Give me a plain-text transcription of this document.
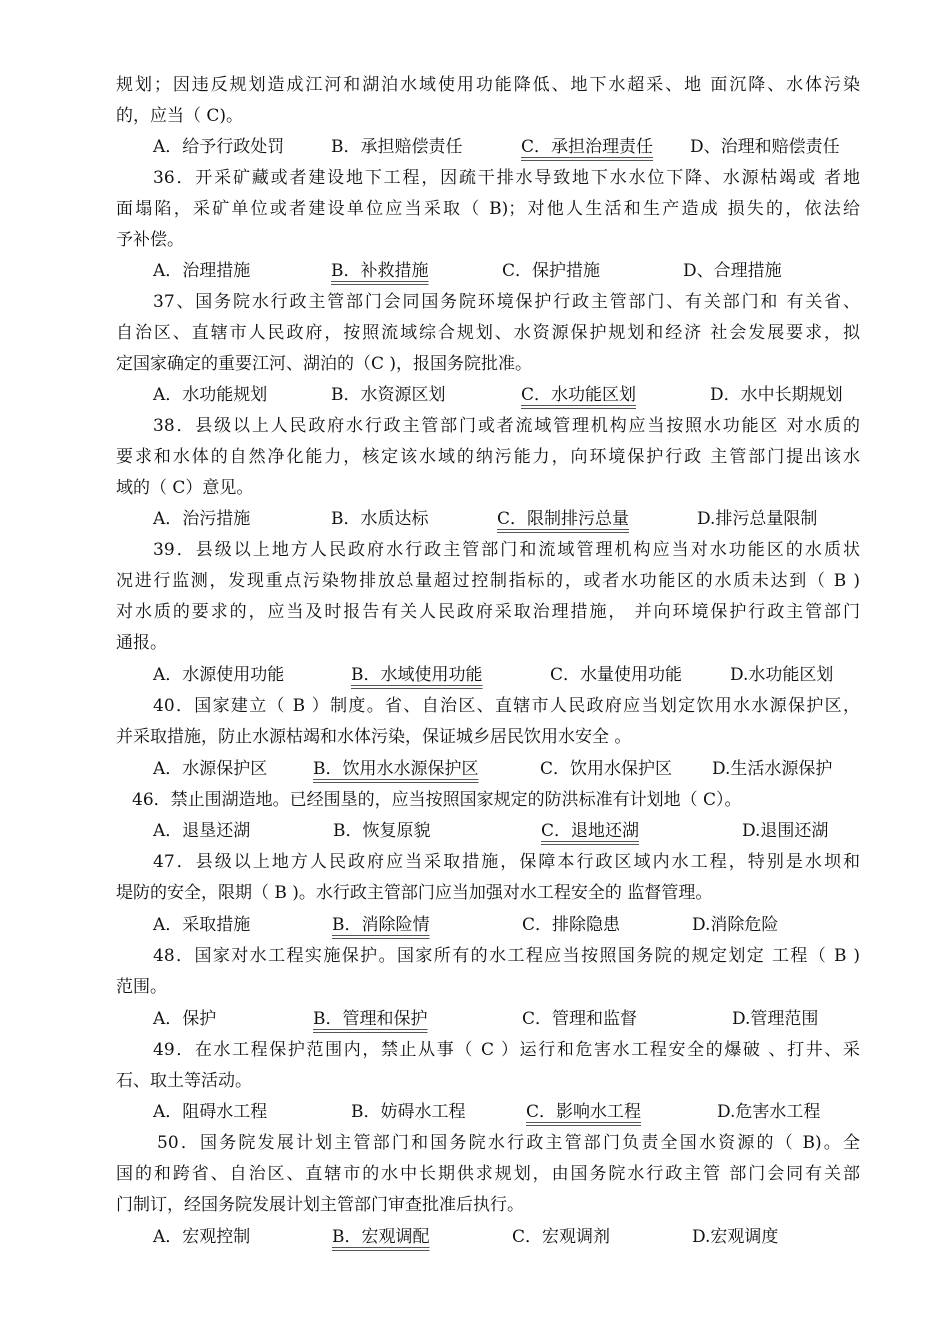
规划；因违反规划造成江河和湖泊水域使用功能降低、地下水超采、地 面沉降、水体污染
的，应当（ C)。
A．给予行政处罚	B．承担赔偿责任	C．承担治理责任 D、治理和赔偿责任
36．开采矿藏或者建设地下工程，因疏干排水导致地下水水位下降、水源枯竭或 者地
面塌陷，采矿单位或者建设单位应当采取（ B)；对他人生活和生产造成 损失的，依法给
予补偿。
A．治理措施	B．补救措施	C．保护措施	D、合理措施
37、国务院水行政主管部门会同国务院环境保护行政主管部门、有关部门和 有关省、
自治区、直辖市人民政府，按照流域综合规划、水资源保护规划和经济 社会发展要求，拟
定国家确定的重要江河、湖泊的（C )，报国务院批准。
A．水功能规划	B．水资源区划	C．水功能区划	D．水中长期规划
38．县级以上人民政府水行政主管部门或者流域管理机构应当按照水功能区 对水质的
要求和水体的自然净化能力，核定该水域的纳污能力，向环境保护行政 主管部门提出该水
域的（ C）意见。
A．治污措施	B．水质达标	C．限制排污总量	D.排污总量限制
39．县级以上地方人民政府水行政主管部门和流域管理机构应当对水功能区的水质状
况进行监测，发现重点污染物排放总量超过控制指标的，或者水功能区的水质未达到（ B )
对水质的要求的，应当及时报告有关人民政府采取治理措施， 并向环境保护行政主管部门
通报。
A．水源使用功能	B．水域使用功能	C．水量使用功能	D.水功能区划
40．国家建立（ B ）制度。省、自治区、直辖市人民政府应当划定饮用水水源保护区，
并采取措施，防止水源枯竭和水体污染，保证城乡居民饮用水安全 。
A．水源保护区	B．饮用水水源保护区	C．饮用水保护区 D.生活水源保护
46．禁止围湖造地。已经围垦的，应当按照国家规定的防洪标准有计划地（ C）。
A．退垦还湖	B．恢复原貌	C．退地还湖	D.退围还湖
47．县级以上地方人民政府应当采取措施，保障本行政区域内水工程，特别是水坝和
堤防的安全，限期（ B )。水行政主管部门应当加强对水工程安全的 监督管理。
A．采取措施	B．消除险情	C．排除隐患	D.消除危险
48．国家对水工程实施保护。国家所有的水工程应当按照国务院的规定划定 工程（ B )
范围。
A．保护	B．管理和保护	C．管理和监督	D.管理范围
49．在水工程保护范围内，禁止从事（ C ）运行和危害水工程安全的爆破 、打井、采
石、取土等活动。
A．阻碍水工程	B．妨碍水工程	C．影响水工程	D.危害水工程
50．国务院发展计划主管部门和国务院水行政主管部门负责全国水资源的（ B)。全
国的和跨省、自治区、直辖市的水中长期供求规划，由国务院水行政主管 部门会同有关部
门制订，经国务院发展计划主管部门审查批准后执行。
A．宏观控制	B．宏观调配	C．宏观调剂	D.宏观调度
